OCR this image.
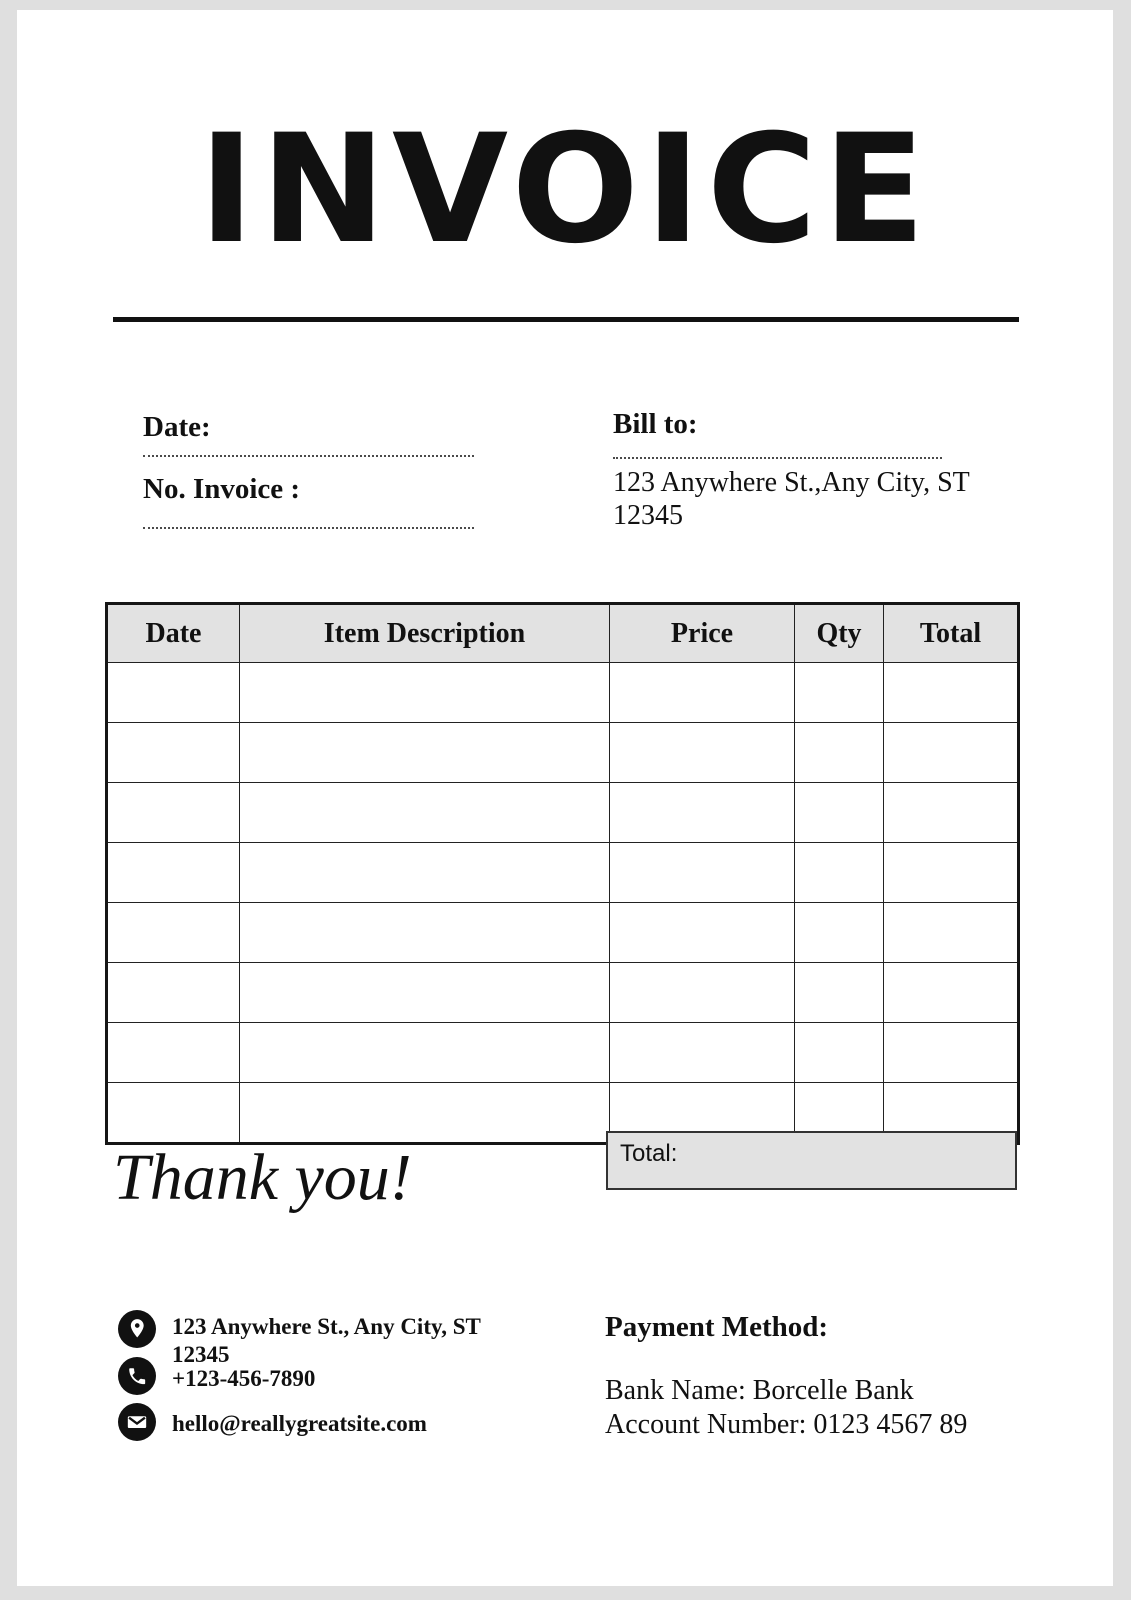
INVOICE
Date:
No. Invoice :
Bill to:
123 Anywhere St.,Any City, ST 12345
Date	Item Description	Price	Qty	Total

Total:
Thank you!
123 Anywhere St., Any City, ST 12345
+123-456-7890
hello@reallygreatsite.com
Payment Method:
Bank Name: Borcelle Bank
Account Number: 0123 4567 89
